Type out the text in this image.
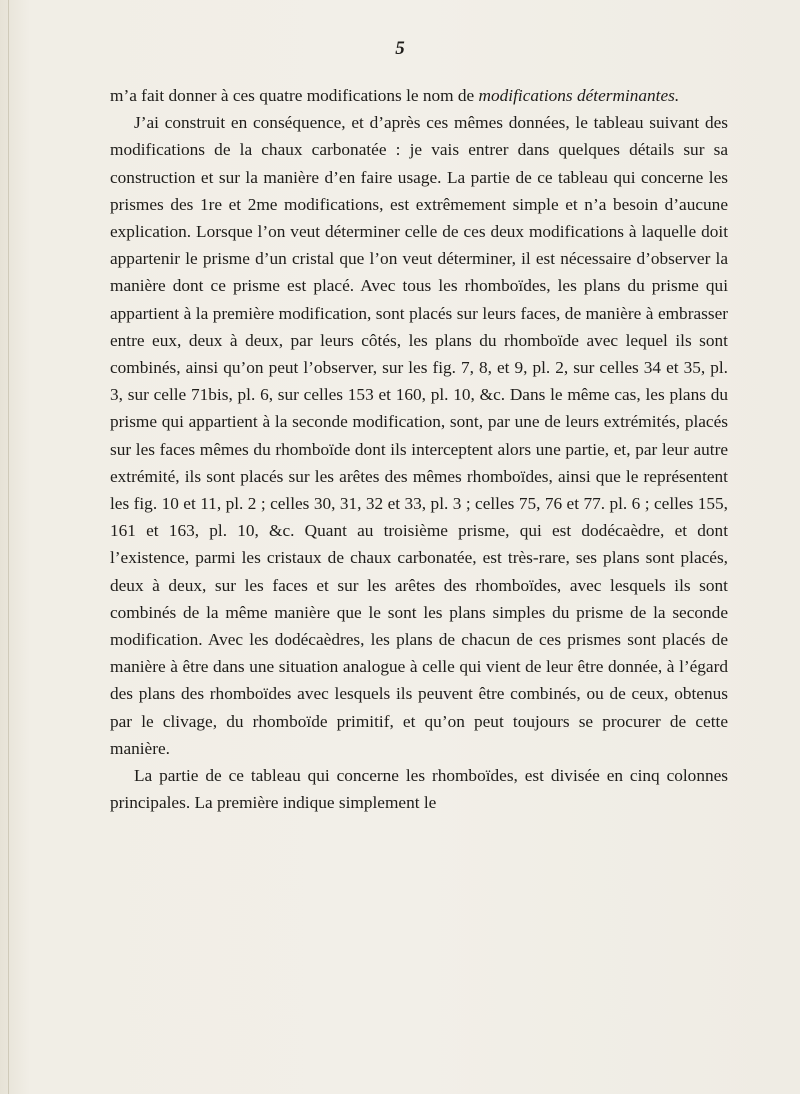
5

m’a fait donner à ces quatre modifications le nom de modifications déterminantes.

J’ai construit en conséquence, et d’après ces mêmes données, le tableau suivant des modifications de la chaux carbonatée : je vais entrer dans quelques détails sur sa construction et sur la manière d’en faire usage. La partie de ce tableau qui concerne les prismes des 1re et 2me modifications, est extrêmement simple et n’a besoin d’aucune explication. Lorsque l’on veut déterminer celle de ces deux modifications à laquelle doit appartenir le prisme d’un cristal que l’on veut déterminer, il est nécessaire d’observer la manière dont ce prisme est placé. Avec tous les rhomboïdes, les plans du prisme qui appartient à la première modification, sont placés sur leurs faces, de manière à embrasser entre eux, deux à deux, par leurs côtés, les plans du rhomboïde avec lequel ils sont combinés, ainsi qu’on peut l’observer, sur les fig. 7, 8, et 9, pl. 2, sur celles 34 et 35, pl. 3, sur celle 71bis, pl. 6, sur celles 153 et 160, pl. 10, &c. Dans le même cas, les plans du prisme qui appartient à la seconde modification, sont, par une de leurs extrémités, placés sur les faces mêmes du rhomboïde dont ils interceptent alors une partie, et, par leur autre extrémité, ils sont placés sur les arêtes des mêmes rhomboïdes, ainsi que le représentent les fig. 10 et 11, pl. 2 ; celles 30, 31, 32 et 33, pl. 3 ; celles 75, 76 et 77. pl. 6 ; celles 155, 161 et 163, pl. 10, &c. Quant au troisième prisme, qui est dodécaèdre, et dont l’existence, parmi les cristaux de chaux carbonatée, est très-rare, ses plans sont placés, deux à deux, sur les faces et sur les arêtes des rhomboïdes, avec lesquels ils sont combinés de la même manière que le sont les plans simples du prisme de la seconde modification. Avec les dodécaèdres, les plans de chacun de ces prismes sont placés de manière à être dans une situation analogue à celle qui vient de leur être donnée, à l’égard des plans des rhomboïdes avec lesquels ils peuvent être combinés, ou de ceux, obtenus par le clivage, du rhomboïde primitif, et qu’on peut toujours se procurer de cette manière.

La partie de ce tableau qui concerne les rhomboïdes, est divisée en cinq colonnes principales. La première indique simplement le
